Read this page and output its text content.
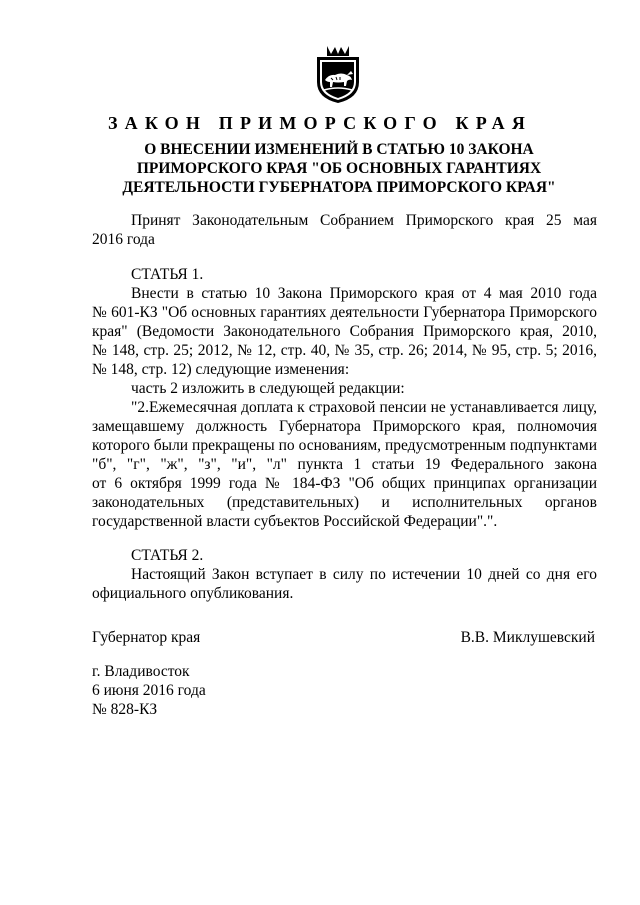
ЗАКОН ПРИМОРСКОГО КРАЯ
О ВНЕСЕНИИ ИЗМЕНЕНИЙ В СТАТЬЮ 10 ЗАКОНА
ПРИМОРСКОГО КРАЯ "ОБ ОСНОВНЫХ ГАРАНТИЯХ
ДЕЯТЕЛЬНОСТИ ГУБЕРНАТОРА ПРИМОРСКОГО КРАЯ"
Принят Законодательным Собранием Приморского края 25 мая
2016 года
СТАТЬЯ 1.
Внести в статью 10 Закона Приморского края от 4 мая 2010 года
№ 601-КЗ "Об основных гарантиях деятельности Губернатора Приморского
края" (Ведомости Законодательного Собрания Приморского края, 2010,
№ 148, стр. 25; 2012, № 12, стр. 40, № 35, стр. 26; 2014, № 95, стр. 5; 2016,
№ 148, стр. 12) следующие изменения:
часть 2 изложить в следующей редакции:
"2.Ежемесячная доплата к страховой пенсии не устанавливается лицу,
замещавшему должность Губернатора Приморского края, полномочия
которого были прекращены по основаниям, предусмотренным подпунктами
"б", "г", "ж", "з", "и", "л" пункта 1 статьи 19 Федерального закона
от 6 октября 1999 года № 184-ФЗ "Об общих принципах организации
законодательных (представительных) и исполнительных органов
государственной власти субъектов Российской Федерации".".
СТАТЬЯ 2.
Настоящий Закон вступает в силу по истечении 10 дней со дня его
официального опубликования.
Губернатор края	В.В. Миклушевский
г. Владивосток
6 июня 2016 года
№ 828-КЗ
